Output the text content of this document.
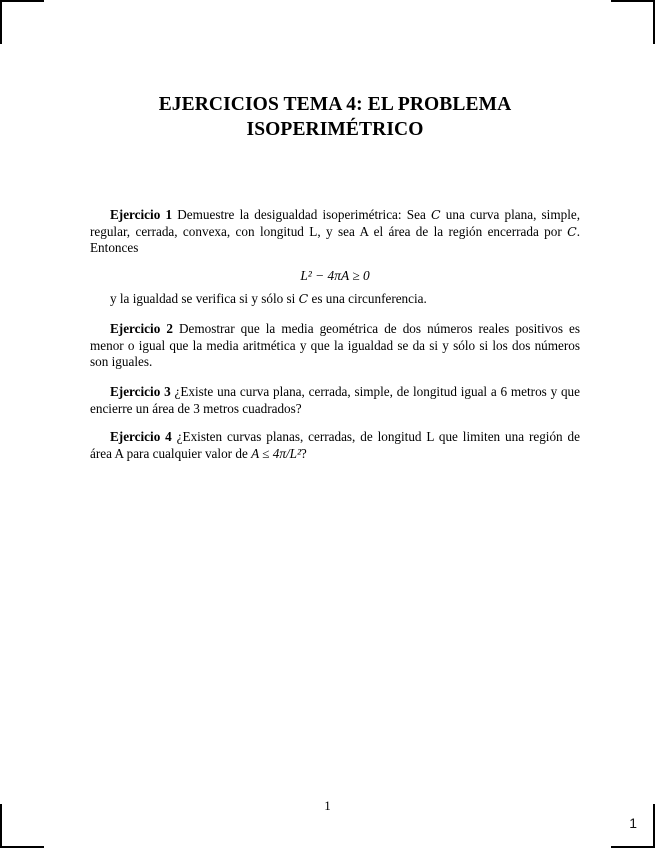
EJERCICIOS TEMA 4: EL PROBLEMA
ISOPERIMÉTRICO

Ejercicio 1 Demuestre la desigualdad isoperimétrica: Sea C una curva plana, simple, regular, cerrada, convexa, con longitud L, y sea A el área de la región encerrada por C. Entonces

L² − 4πA ≥ 0

y la igualdad se verifica si y sólo si C es una circunferencia.

Ejercicio 2 Demostrar que la media geométrica de dos números reales positivos es menor o igual que la media aritmética y que la igualdad se da si y sólo si los dos números son iguales.

Ejercicio 3 ¿Existe una curva plana, cerrada, simple, de longitud igual a 6 metros y que encierre un área de 3 metros cuadrados?

Ejercicio 4 ¿Existen curvas planas, cerradas, de longitud L que limiten una región de área A para cualquier valor de A ≤ 4π/L²?

1
1
